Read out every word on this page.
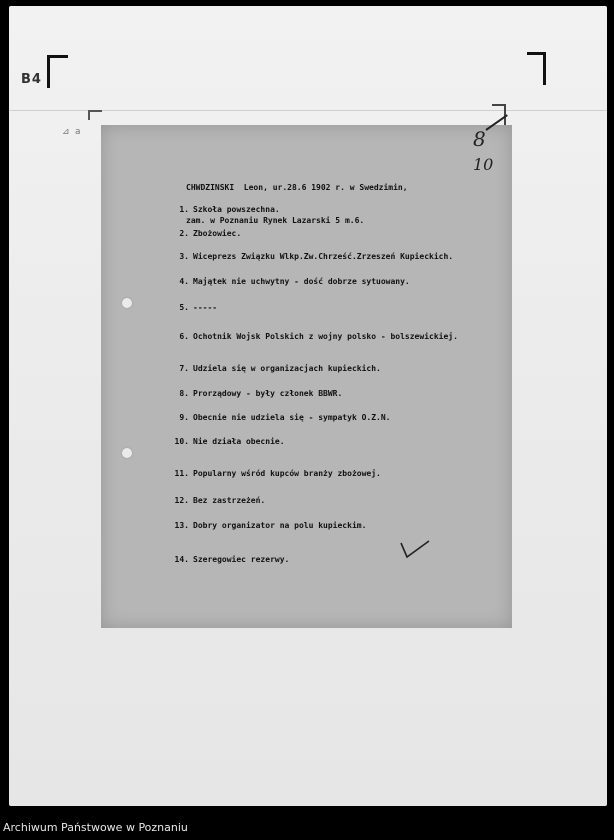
B4
⊿ a	8
10

CHWDZINSKI  Leon, ur.28.6 1902 r. w Swedzimin,

zam. w Poznaniu Rynek Lazarski 5 m.6.

1. Szkoła powszechna.
2. Zbożowiec.
3. Wiceprezs Związku Wlkp.Zw.Chrześć.Zrzeszeń Kupieckich.
4. Majątek nie uchwytny - dość dobrze sytuowany.
5. -----
6. Ochotnik Wojsk Polskich z wojny polsko - bolszewickiej.
7. Udziela się w organizacjach kupieckich.
8. Prorządowy - były członek BBWR.
9. Obecnie nie udziela się - sympatyk O.Z.N.
10. Nie działa obecnie.
11. Popularny wśród kupców branży zbożowej.
12. Bez zastrzeżeń.
13. Dobry organizator na polu kupieckim.
14. Szeregowiec rezerwy.
Archiwum Państwowe w Poznaniu
